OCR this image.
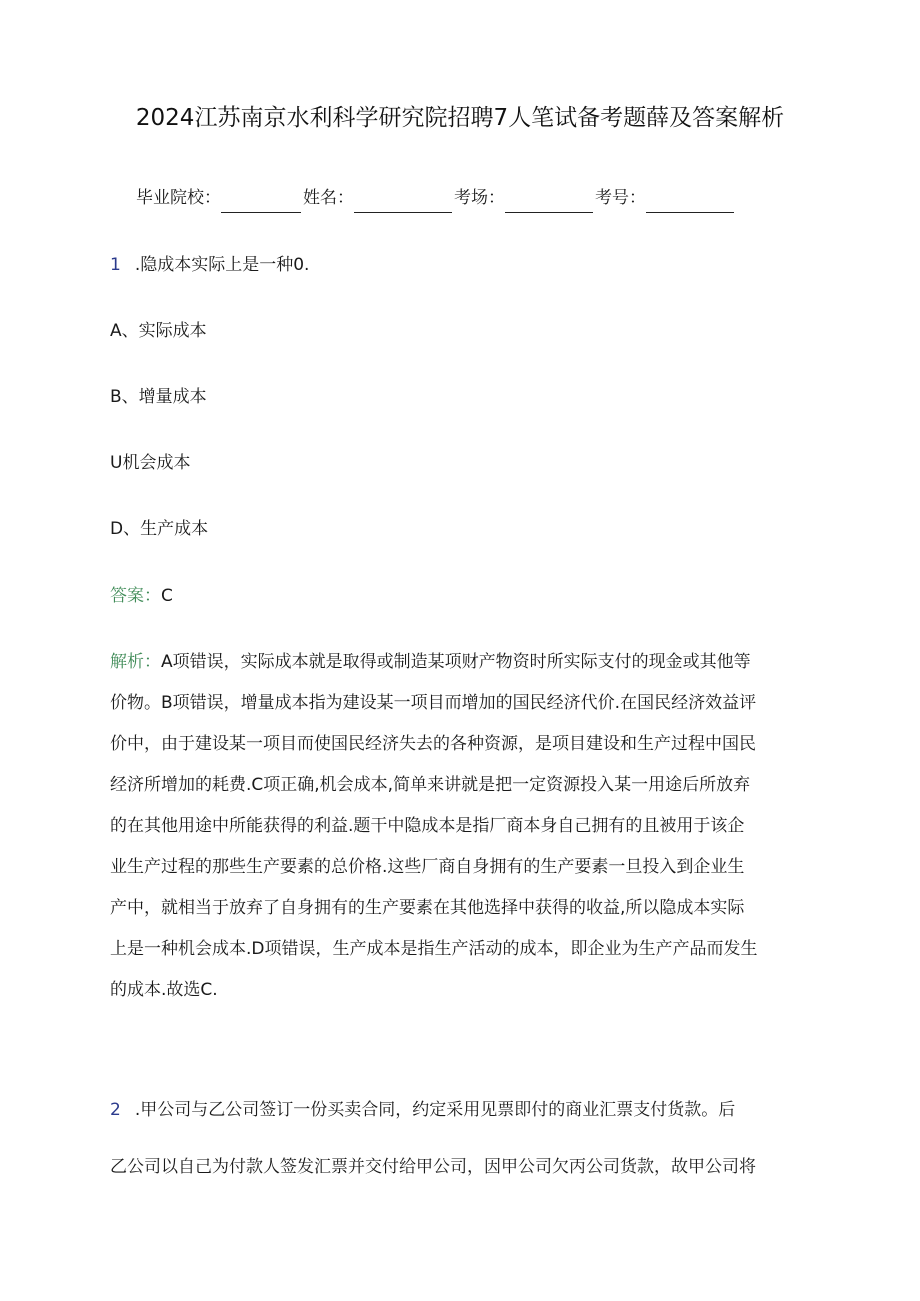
2024江苏南京水利科学研究院招聘7人笔试备考题薛及答案解析
毕业院校：	姓名：	考场：	考号：
1 .隐成本实际上是一种0.
A、实际成本
B、增量成本
U机会成本
D、生产成本
答案：C
解析：A项错误，实际成本就是取得或制造某项财产物资时所实际支付的现金或其他等
价物。B项错误，增量成本指为建设某一项目而增加的国民经济代价.在国民经济效益评
价中，由于建设某一项目而使国民经济失去的各种资源，是项目建设和生产过程中国民
经济所增加的耗费.C项正确,机会成本,简单来讲就是把一定资源投入某一用途后所放弃
的在其他用途中所能获得的利益.题干中隐成本是指厂商本身自己拥有的且被用于该企
业生产过程的那些生产要素的总价格.这些厂商自身拥有的生产要素一旦投入到企业生
产中，就相当于放弃了自身拥有的生产要素在其他选择中获得的收益,所以隐成本实际
上是一种机会成本.D项错误，生产成本是指生产活动的成本，即企业为生产产品而发生
的成本.故选C.
2 .甲公司与乙公司签订一份买卖合同，约定采用见票即付的商业汇票支付货款。后
乙公司以自己为付款人签发汇票并交付给甲公司，因甲公司欠丙公司货款，故甲公司将
